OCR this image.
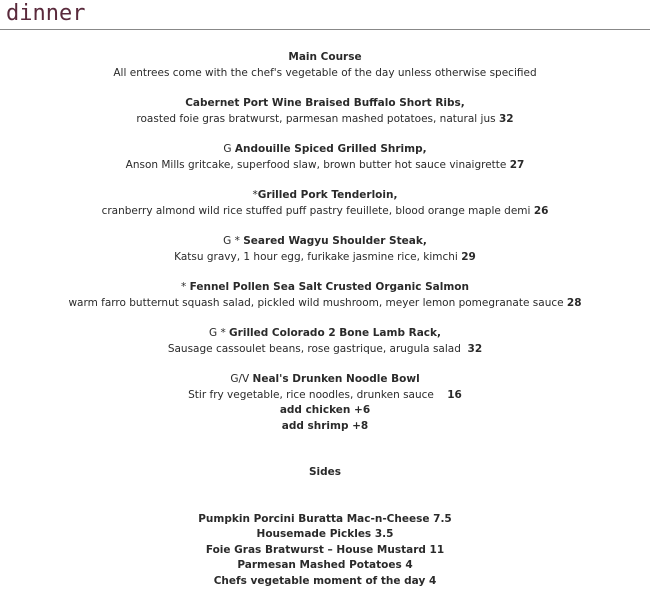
dinner
Main Course
All entrees come with the chef's vegetable of the day unless otherwise specified
Cabernet Port Wine Braised Buffalo Short Ribs,
roasted foie gras bratwurst, parmesan mashed potatoes, natural jus 32
G Andouille Spiced Grilled Shrimp,
Anson Mills gritcake, superfood slaw, brown butter hot sauce vinaigrette 27
*Grilled Pork Tenderloin,
cranberry almond wild rice stuffed puff pastry feuillete, blood orange maple demi 26
G * Seared Wagyu Shoulder Steak,
Katsu gravy, 1 hour egg, furikake jasmine rice, kimchi 29
* Fennel Pollen Sea Salt Crusted Organic Salmon
warm farro butternut squash salad, pickled wild mushroom, meyer lemon pomegranate sauce 28
G * Grilled Colorado 2 Bone Lamb Rack,
Sausage cassoulet beans, rose gastrique, arugula salad 32
G/V Neal's Drunken Noodle Bowl
Stir fry vegetable, rice noodles, drunken sauce 16
add chicken +6
add shrimp +8
Sides
Pumpkin Porcini Buratta Mac-n-Cheese 7.5
Housemade Pickles 3.5
Foie Gras Bratwurst – House Mustard 11
Parmesan Mashed Potatoes 4
Chefs vegetable moment of the day 4
